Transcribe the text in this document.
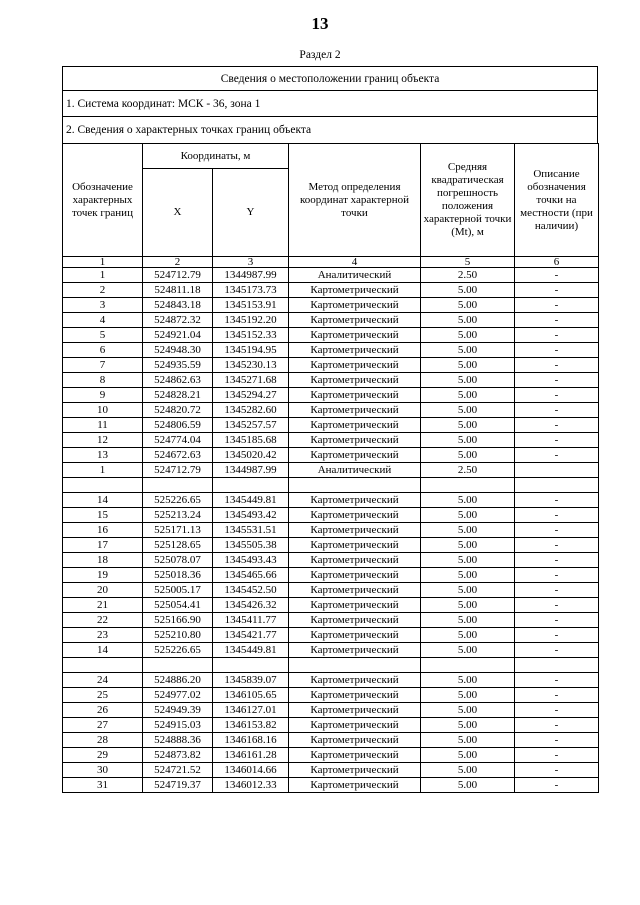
13
Раздел 2
Сведения о местоположении границ объекта
1. Система координат: МСК - 36, зона 1
2. Сведения о характерных точках границ объекта
Обозначение характерных точек границ	Координаты, м		Метод определения координат характерной точки	Средняя квадратическая погрешность положения характерной точки (Mt), м	Описание обозначения точки на местности (при наличии)
	X	Y			
1	2	3	4	5	6
1	524712.79	1344987.99	Аналитический	2.50	-
2	524811.18	1345173.73	Картометрический	5.00	-
3	524843.18	1345153.91	Картометрический	5.00	-
4	524872.32	1345192.20	Картометрический	5.00	-
5	524921.04	1345152.33	Картометрический	5.00	-
6	524948.30	1345194.95	Картометрический	5.00	-
7	524935.59	1345230.13	Картометрический	5.00	-
8	524862.63	1345271.68	Картометрический	5.00	-
9	524828.21	1345294.27	Картометрический	5.00	-
10	524820.72	1345282.60	Картометрический	5.00	-
11	524806.59	1345257.57	Картометрический	5.00	-
12	524774.04	1345185.68	Картометрический	5.00	-
13	524672.63	1345020.42	Картометрический	5.00	-
1	524712.79	1344987.99	Аналитический	2.50	

14	525226.65	1345449.81	Картометрический	5.00	-
15	525213.24	1345493.42	Картометрический	5.00	-
16	525171.13	1345531.51	Картометрический	5.00	-
17	525128.65	1345505.38	Картометрический	5.00	-
18	525078.07	1345493.43	Картометрический	5.00	-
19	525018.36	1345465.66	Картометрический	5.00	-
20	525005.17	1345452.50	Картометрический	5.00	-
21	525054.41	1345426.32	Картометрический	5.00	-
22	525166.90	1345411.77	Картометрический	5.00	-
23	525210.80	1345421.77	Картометрический	5.00	-
14	525226.65	1345449.81	Картометрический	5.00	-

24	524886.20	1345839.07	Картометрический	5.00	-
25	524977.02	1346105.65	Картометрический	5.00	-
26	524949.39	1346127.01	Картометрический	5.00	-
27	524915.03	1346153.82	Картометрический	5.00	-
28	524888.36	1346168.16	Картометрический	5.00	-
29	524873.82	1346161.28	Картометрический	5.00	-
30	524721.52	1346014.66	Картометрический	5.00	-
31	524719.37	1346012.33	Картометрический	5.00	-
